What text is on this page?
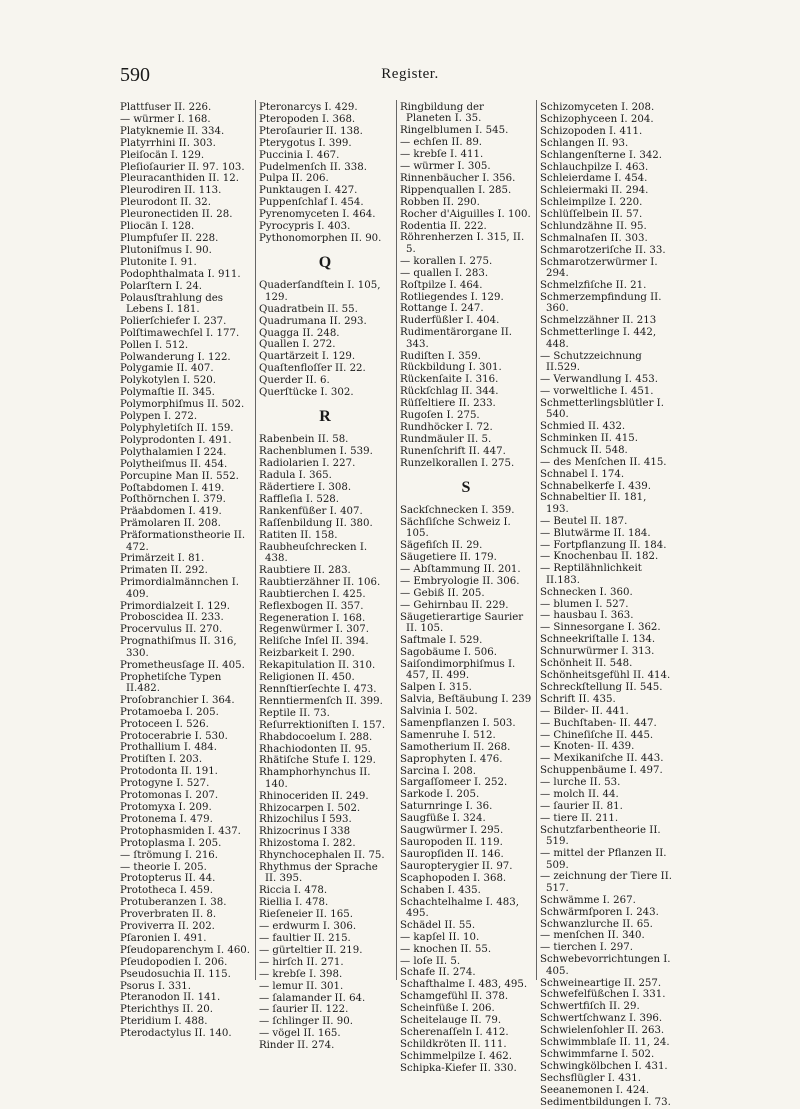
590	Register.
Plattfuser II. 226.
— würmer I. 168.
Platyknemie II. 334.
Platyrrhini II. 303.
Pleiſocän I. 129.
Pleſioſaurier II. 97. 103.
Pleuracanthiden II. 12.
Pleurodiren II. 113.
Pleurodont II. 32.
Pleuronectiden II. 28.
Pliocän I. 128.
Plumpfuſer II. 228.
Plutoniſmus I. 90.
Plutonite I. 91.
Podophthalmata I. 911.
Polarſtern I. 24.
Polausſtrahlung des Lebens I. 181.
Polierſchiefer I. 237.
Polſtimawechſel I. 177.
Pollen I. 512.
Polwanderung I. 122.
Polygamie II. 407.
Polykotylen I. 520.
Polymaſtie II. 345.
Polymorphiſmus II. 502.
Polypen I. 272.
Polyphyletiſch II. 159.
Polyprodonten I. 491.
Polythalamien I 224.
Polytheiſmus II. 454.
Porcupine Man II. 552.
Poſtabdomen I. 419.
Poſthörnchen I. 379.
Präabdomen I. 419.
Prämolaren II. 208.
Präformationstheorie II. 472.
Primärzeit I. 81.
Primaten II. 292.
Primordialmännchen I. 409.
Primordialzeit I. 129.
Proboscidea II. 233.
Procervulus II. 270.
Prognathiſmus II. 316, 330.
Prometheusſage II. 405.
Prophetiſche Typen II.482.
Proſobranchier I. 364.
Protamoeba I. 205.
Protoceen I. 526.
Protocerabrie I. 530.
Prothallium I. 484.
Protiſten I. 203.
Protodonta II. 191.
Protogyne I. 527.
Protomonas I. 207.
Protomyxa I. 209.
Protonema I. 479.
Protophasmiden I. 437.
Protoplasma I. 205.
— ſtrömung I. 216.
— theorie I. 205.
Protopterus II. 44.
Prototheca I. 459.
Protuberanzen I. 38.
Proverbraten II. 8.
Proviverra II. 202.
Pſaronien I. 491.
Pſeudoparenchym I. 460.
Pſeudopodien I. 206.
Pseudosuchia II. 115.
Psorus I. 331.
Pteranodon II. 141.
Pterichthys II. 20.
Pteridium I. 488.
Pterodactylus II. 140.
Pteronarcys I. 429.
Pteropoden I. 368.
Pteroſaurier II. 138.
Pterygotus I. 399.
Puccinia I. 467.
Pudelmenſch II. 338.
Pulpa II. 206.
Punktaugen I. 427.
Puppenſchlaf I. 454.
Pyrenomyceten I. 464.
Pyrocypris I. 403.
Pythonomorphen II. 90.
Q
Quaderſandſtein I. 105, 129.
Quadratbein II. 55.
Quadrumana II. 293.
Quagga II. 248.
Quallen I. 272.
Quartärzeit I. 129.
Quaſtenfloſſer II. 22.
Querder II. 6.
Querſtücke I. 302.
R
Rabenbein II. 58.
Rachenblumen I. 539.
Radiolarien I. 227.
Radula I. 365.
Rädertiere I. 308.
Raffleſia I. 528.
Rankenfüßer I. 407.
Raſſenbildung II. 380.
Ratiten II. 158.
Raubheuſchrecken I. 438.
Raubtiere II. 283.
Raubtierzähner II. 106.
Raubtierchen I. 425.
Reflexbogen II. 357.
Regeneration I. 168.
Regenwürmer I. 307.
Reliſche Inſel II. 394.
Reizbarkeit I. 290.
Rekapitulation II. 310.
Religionen II. 450.
Rennſtierſechte I. 473.
Renntiermenſch II. 399.
Reptile II. 73.
Reſurrektioniſten I. 157.
Rhabdocoelum I. 288.
Rhachiodonten II. 95.
Rhätiſche Stufe I. 129.
Rhamphorhynchus II. 140.
Rhinoceriden II. 249.
Rhizocarpen I. 502.
Rhizochilus I 593.
Rhizocrinus I 338
Rhizostoma I. 282.
Rhynchocephalen II. 75.
Rhythmus der Sprache II. 395.
Riccia I. 478.
Riellia I. 478.
Rieſeneier II. 165.
— erdwurm I. 306.
— faultier II. 215.
— gürteltier II. 219.
— hirſch II. 271.
— krebſe I. 398.
— lemur II. 301.
— ſalamander II. 64.
— ſaurier II. 122.
— ſchlinger II. 90.
— vögel II. 165.
Rinder II. 274.
Ringbildung der Planeten I. 35.
Ringelblumen I. 545.
— echſen II. 89.
— krebſe I. 411.
— würmer I. 305.
Rinnenbäucher I. 356.
Rippenquallen I. 285.
Robben II. 290.
Rocher d'Aiguilles I. 100.
Rodentia II. 222.
Röhrenherzen I. 315, II. 5.
— korallen I. 275.
— quallen I. 283.
Roſtpilze I. 464.
Rotliegendes I. 129.
Rottange I. 247.
Ruderfüßler I. 404.
Rudimentärorgane II. 343.
Rudiſten I. 359.
Rückbildung I. 301.
Rückenſaite I. 316.
Rückſchlag II. 344.
Rüſſeltiere II. 233.
Rugoſen I. 275.
Rundhöcker I. 72.
Rundmäuler II. 5.
Runenſchrift II. 447.
Runzelkorallen I. 275.
S
Sackſchnecken I. 359.
Sächſiſche Schweiz I. 105.
Sägefiſch II. 29.
Säugetiere II. 179.
— Abſtammung II. 201.
— Embryologie II. 306.
— Gebiß II. 205.
— Gehirnbau II. 229.
Säugetierartige Saurier II. 105.
Saftmale I. 529.
Sagobäume I. 506.
Saiſondimorphiſmus I. 457, II. 499.
Salpen I. 315.
Salvia, Beſtäubung I. 239
Salvinia I. 502.
Samenpflanzen I. 503.
Samenruhe I. 512.
Samotherium II. 268.
Saprophyten I. 476.
Sarcina I. 208.
Sargaſſomeer I. 252.
Sarkode I. 205.
Saturnringe I. 36.
Saugfüße I. 324.
Saugwürmer I. 295.
Sauropoden II. 119.
Sauropſiden II. 146.
Sauropterygier II. 97.
Scaphopoden I. 368.
Schaben I. 435.
Schachtelhalme I. 483, 495.
Schädel II. 55.
— kapſel II. 10.
— knochen II. 55.
— loſe II. 5.
Schafe II. 274.
Schafthalme I. 483, 495.
Schamgefühl II. 378.
Scheinfüße I. 206.
Scheitelauge II. 79.
Scherenaſſeln I. 412.
Schildkröten II. 111.
Schimmelpilze I. 462.
Schipka-Kiefer II. 330.
Schizomyceten I. 208.
Schizophyceen I. 204.
Schizopoden I. 411.
Schlangen II. 93.
Schlangenſterne I. 342.
Schlauchpilze I. 463.
Schleierdame I. 454.
Schleiermaki II. 294.
Schleimpilze I. 220.
Schlüſſelbein II. 57.
Schlundzähne II. 95.
Schmalnaſen II. 303.
Schmarotzeriſche II. 33.
Schmarotzerwürmer I. 294.
Schmelzfiſche II. 21.
Schmerzempfindung II. 360.
Schmelzzähner II. 213
Schmetterlinge I. 442, 448.
— Schutzzeichnung II.529.
— Verwandlung I. 453.
— vorweltliche I. 451.
Schmetterlingsblütler I. 540.
Schmied II. 432.
Schminken II. 415.
Schmuck II. 548.
— des Menſchen II. 415.
Schnabel I. 174.
Schnabelkerfe I. 439.
Schnabeltier II. 181, 193.
— Beutel II. 187.
— Blutwärme II. 184.
— Fortpflanzung II. 184.
— Knochenbau II. 182.
— Reptilähnlichkeit II.183.
Schnecken I. 360.
— blumen I. 527.
— hausbau I. 363.
— Sinnesorgane I. 362.
Schneekriſtalle I. 134.
Schnurwürmer I. 313.
Schönheit II. 548.
Schönheitsgefühl II. 414.
Schreckſtellung II. 545.
Schrift II. 435.
— Bilder- II. 441.
— Buchſtaben- II. 447.
— Chineſiſche II. 445.
— Knoten- II. 439.
— Mexikaniſche II. 443.
Schuppenbäume I. 497.
— lurche II. 53.
— molch II. 44.
— ſaurier II. 81.
— tiere II. 211.
Schutzfarbentheorie II. 519.
— mittel der Pflanzen II. 509.
— zeichnung der Tiere II. 517.
Schwämme I. 267.
Schwärmſporen I. 243.
Schwanzlurche II. 65.
— menſchen II. 340.
— tierchen I. 297.
Schwebevorrichtungen I. 405.
Schweineartige II. 257.
Schwefelfüßchen I. 331.
Schwertfiſch II. 29.
Schwertſchwanz I. 396.
Schwielenſohler II. 263.
Schwimmblaſe II. 11, 24.
Schwimmfarne I. 502.
Schwingkölbchen I. 431.
Sechsflügler I. 431.
Seeanemonen I. 424.
Sedimentbildungen I. 73.
